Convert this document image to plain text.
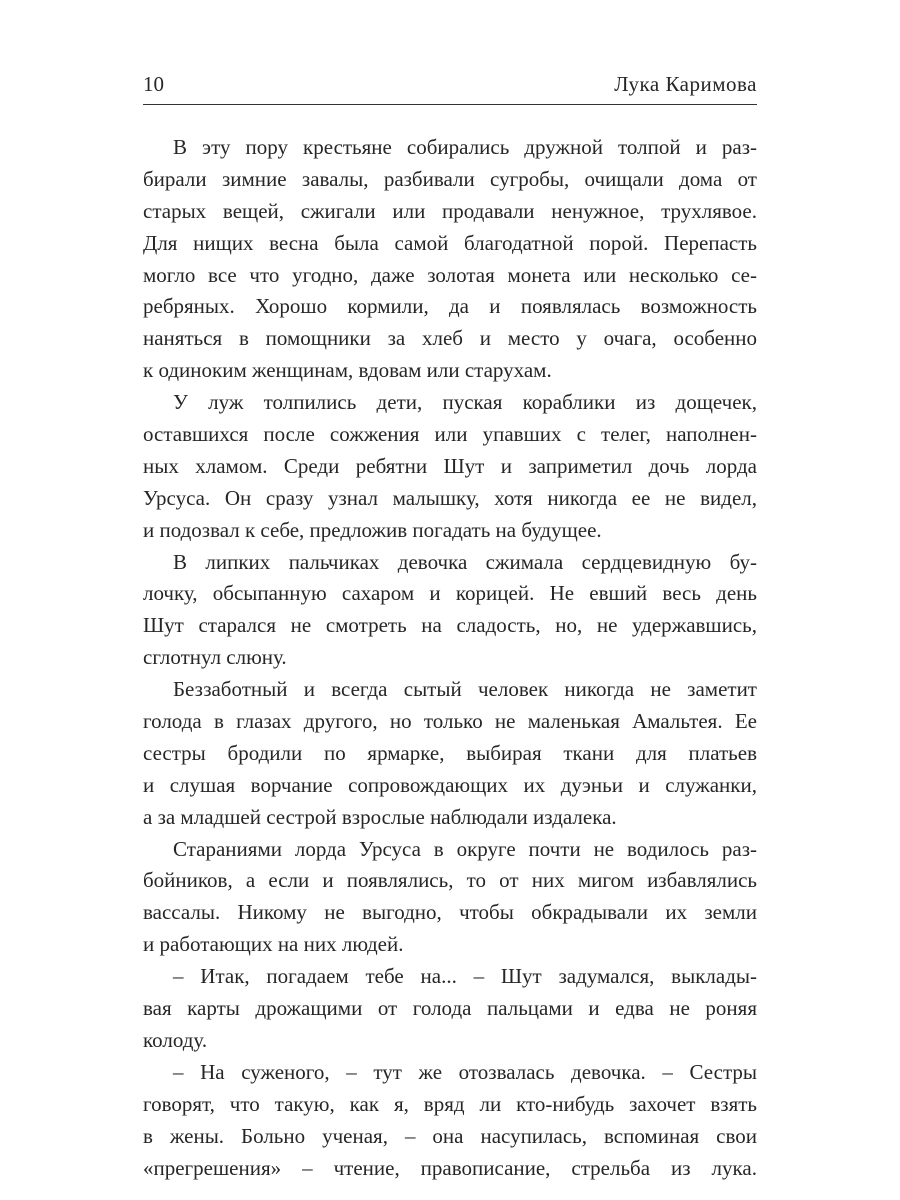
10	Лука Каримова
В эту пору крестьяне собирались дружной толпой и раз-
бирали зимние завалы, разбивали сугробы, очищали дома от
старых вещей, сжигали или продавали ненужное, трухлявое.
Для нищих весна была самой благодатной порой. Перепасть
могло все что угодно, даже золотая монета или несколько се-
ребряных. Хорошо кормили, да и появлялась возможность
наняться в помощники за хлеб и место у очага, особенно
к одиноким женщинам, вдовам или старухам.
У луж толпились дети, пуская кораблики из дощечек,
оставшихся после сожжения или упавших с телег, наполнен-
ных хламом. Среди ребятни Шут и заприметил дочь лорда
Урсуса. Он сразу узнал малышку, хотя никогда ее не видел,
и подозвал к себе, предложив погадать на будущее.
В липких пальчиках девочка сжимала сердцевидную бу-
лочку, обсыпанную сахаром и корицей. Не евший весь день
Шут старался не смотреть на сладость, но, не удержавшись,
сглотнул слюну.
Беззаботный и всегда сытый человек никогда не заметит
голода в глазах другого, но только не маленькая Амальтея. Ее
сестры бродили по ярмарке, выбирая ткани для платьев
и слушая ворчание сопровождающих их дуэньи и служанки,
а за младшей сестрой взрослые наблюдали издалека.
Стараниями лорда Урсуса в округе почти не водилось раз-
бойников, а если и появлялись, то от них мигом избавлялись
вассалы. Никому не выгодно, чтобы обкрадывали их земли
и работающих на них людей.
– Итак, погадаем тебе на... – Шут задумался, выклады-
вая карты дрожащими от голода пальцами и едва не роняя
колоду.
– На суженого, – тут же отозвалась девочка. – Сестры
говорят, что такую, как я, вряд ли кто-нибудь захочет взять
в жены. Больно ученая, – она насупилась, вспоминая свои
«прегрешения» – чтение, правописание, стрельба из лука.
